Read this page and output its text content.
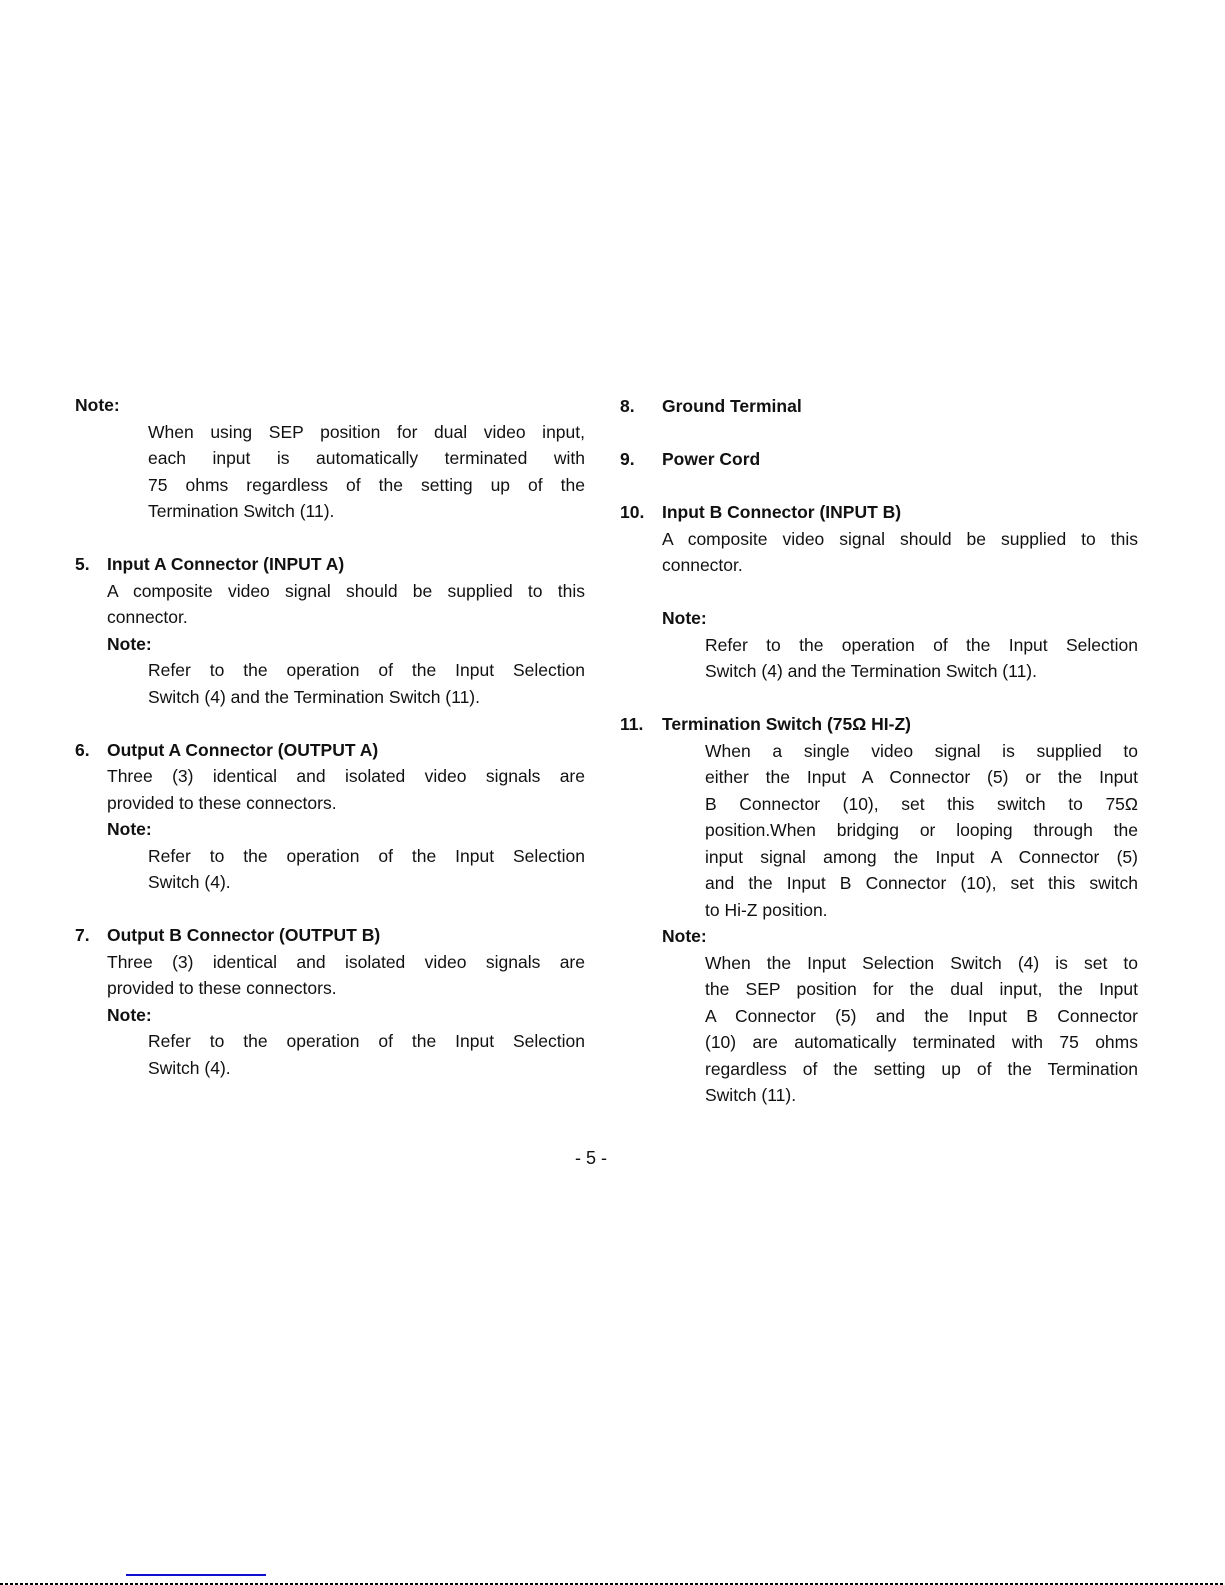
Note:
When using SEP position for dual video input,
each input is automatically terminated with
75 ohms regardless of the setting up of the
Termination Switch (11).
5. Input A Connector (INPUT A)
A composite video signal should be supplied to this
connector.
Note:
Refer to the operation of the Input Selection
Switch (4) and the Termination Switch (11).
6. Output A Connector (OUTPUT A)
Three (3) identical and isolated video signals are
provided to these connectors.
Note:
Refer to the operation of the Input Selection
Switch (4).
7. Output B Connector (OUTPUT B)
Three (3) identical and isolated video signals are
provided to these connectors.
Note:
Refer to the operation of the Input Selection
Switch (4).
8.	Ground Terminal
9.	Power Cord
10.	Input B Connector (INPUT B)
A composite video signal should be supplied to this
connector.
Note:
Refer to the operation of the Input Selection
Switch (4) and the Termination Switch (11).
11.	Termination Switch (75Ω HI-Z)
When a single video signal is supplied to
either the Input A Connector (5) or the Input
B Connector (10), set this switch to 75Ω
position.When bridging or looping through the
input signal among the Input A Connector (5)
and the Input B Connector (10), set this switch
to Hi-Z position.
Note:
When the Input Selection Switch (4) is set to
the SEP position for the dual input, the Input
A Connector (5) and the Input B Connector
(10) are automatically terminated with 75 ohms
regardless of the setting up of the Termination
Switch (11).
- 5 -
